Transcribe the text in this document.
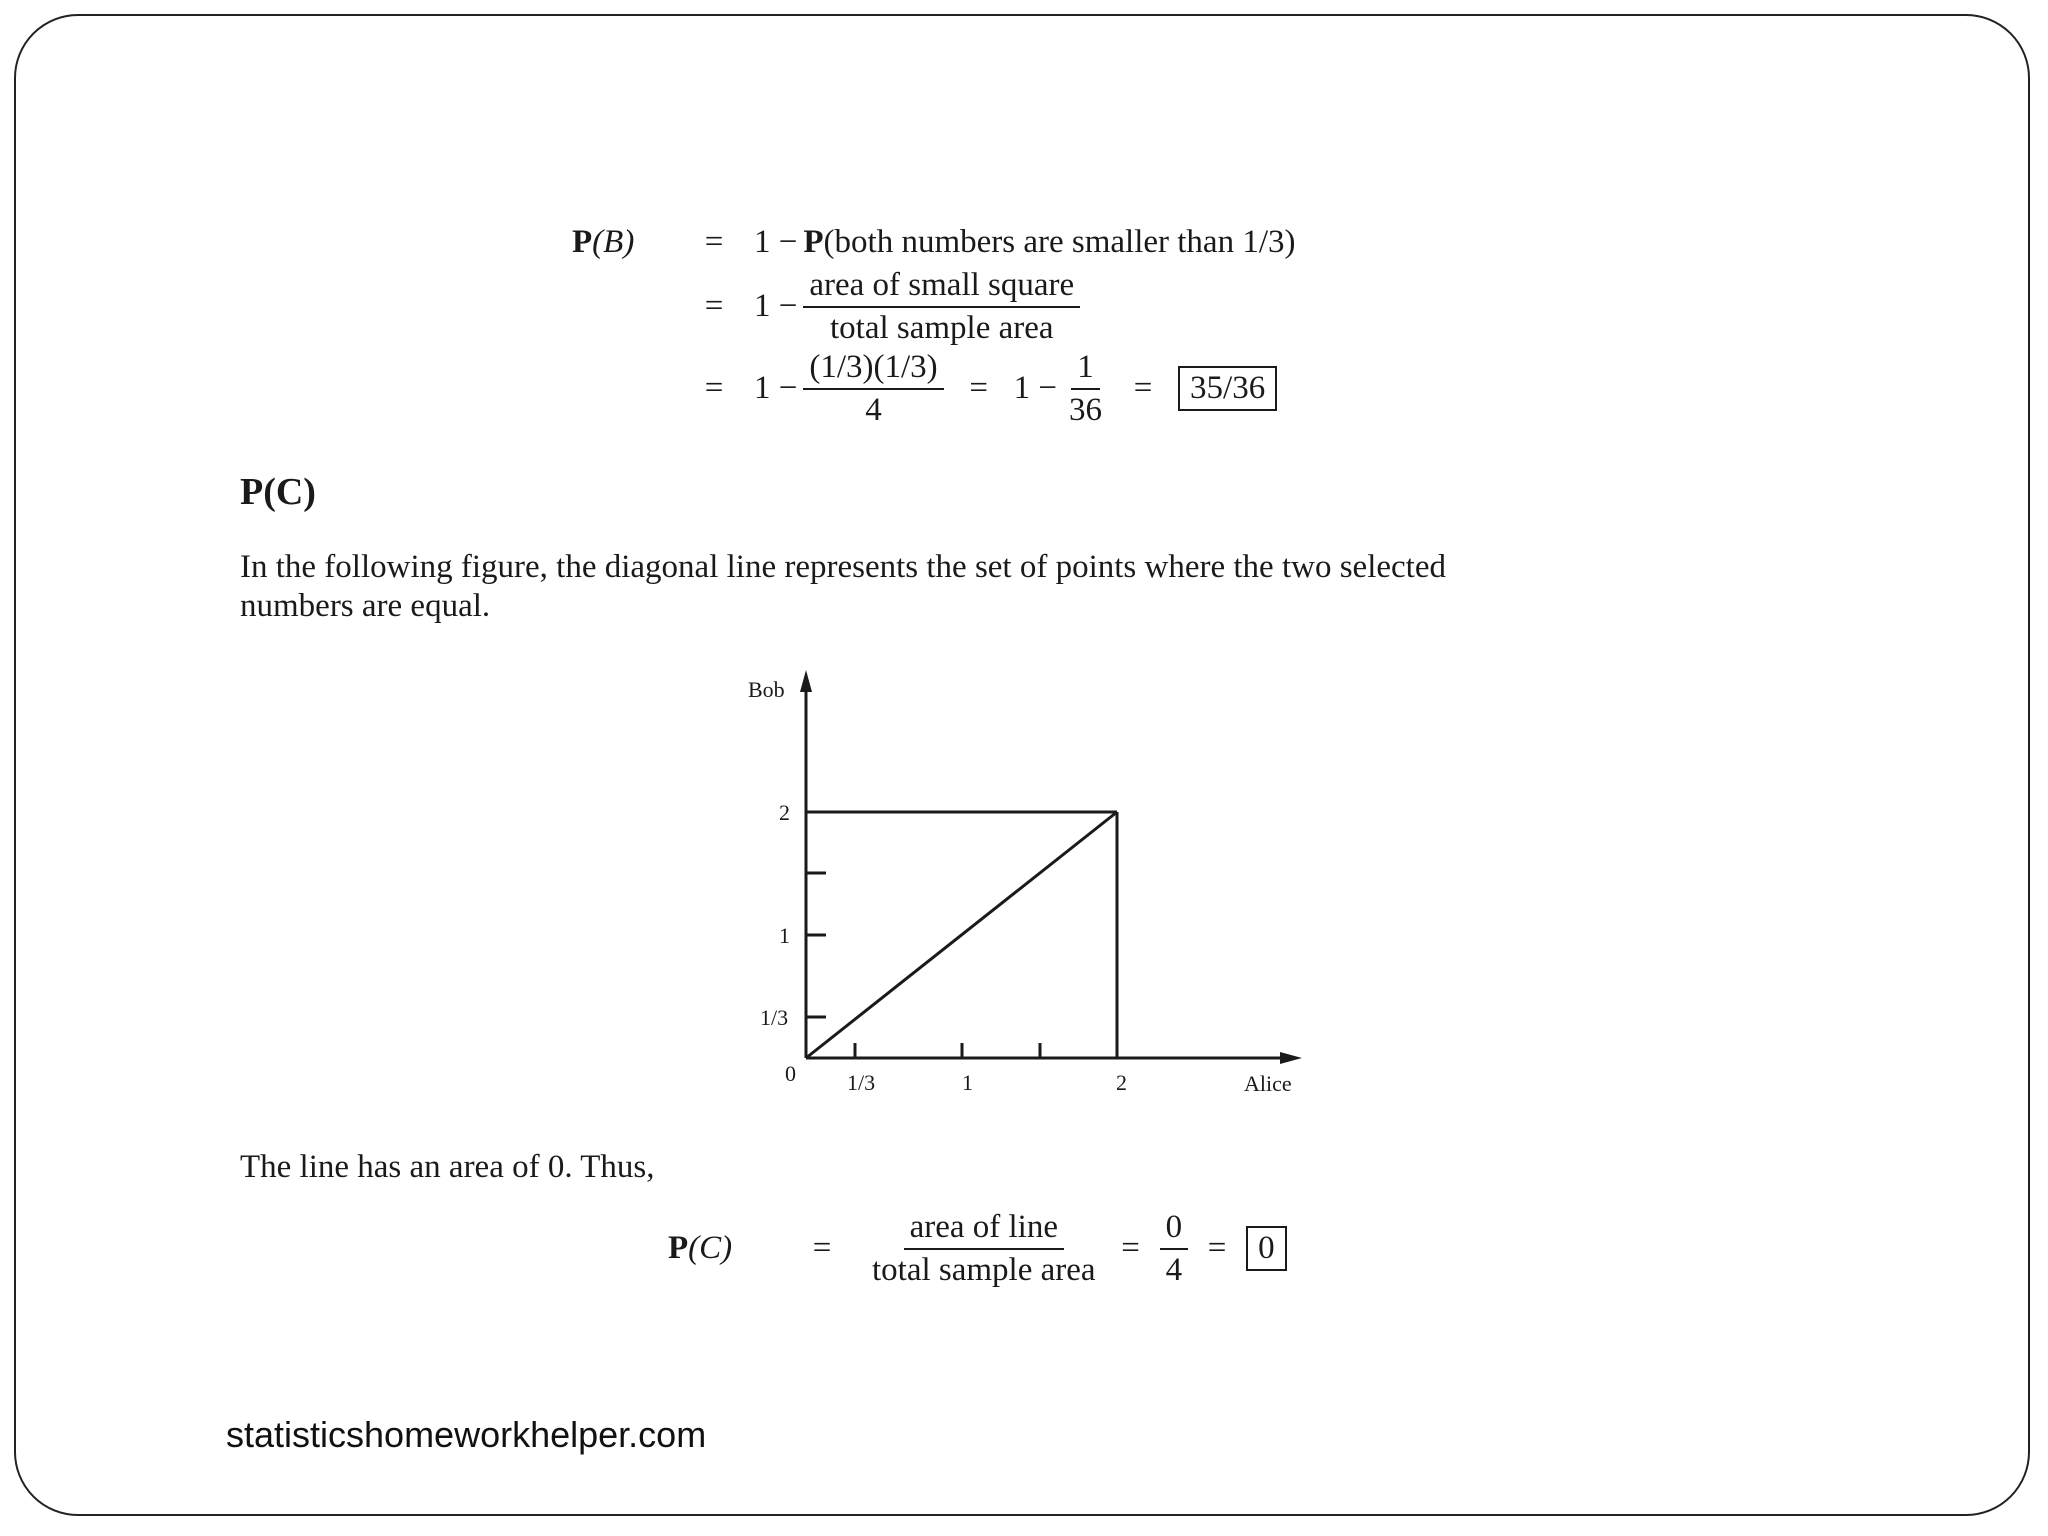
P(B)	= 1 − P (both numbers are smaller than 1/3)
= $1 - \frac{\text{area of small square}}{\text{total sample area}}$
= $1 - \frac{(1/3)(1/3)}{4} = 1 - \frac{1}{36}$ =	35/36
P(C)
In the following figure, the diagonal line represents the set of points where the two selected
numbers are equal.
Bob
Alice
0
2
1
1/3
1/3	1	2
The line has an area of 0. Thus,
P(C)	=	$\frac{\text{area of line}}{\text{total sample area}} = \frac{0}{4} = 0$
statisticshomeworkhelper.com
